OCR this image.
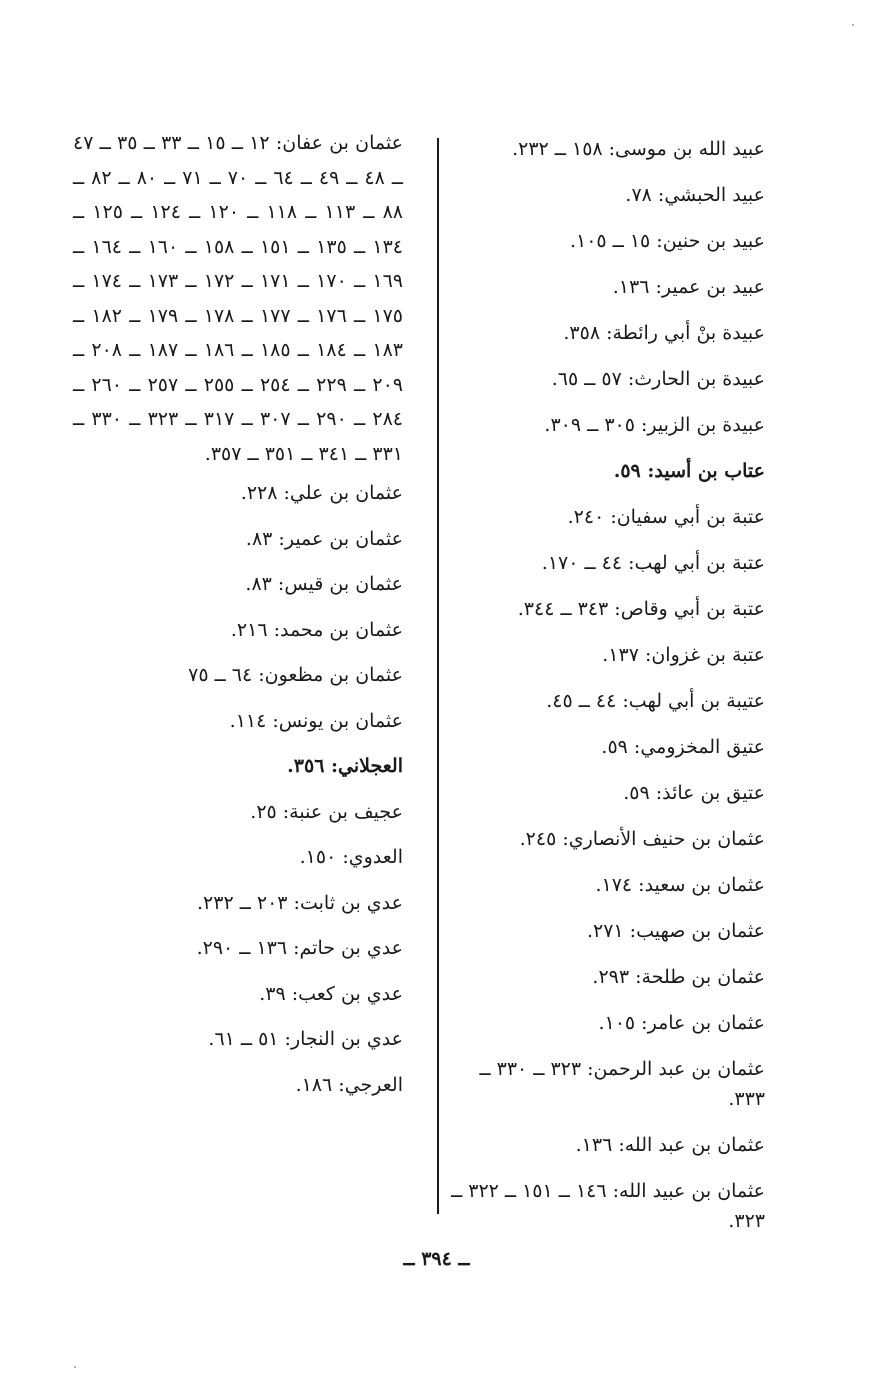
عبيد الله بن موسى: ١٥٨ ــ ٢٣٢.
عبيد الحبشي: ٧٨.
عبيد بن حنين: ١٥ ــ ١٠٥.
عبيد بن عمير: ١٣٦.
عبيدة بنْ أبي رائطة: ٣٥٨.
عبيدة بن الحارث: ٥٧ ــ ٦٥.
عبيدة بن الزبير: ٣٠٥ ــ ٣٠٩.
عتاب بن أسيد: ٥٩.
عتبة بن أبي سفيان: ٢٤٠.
عتبة بن أبي لهب: ٤٤ ــ ١٧٠.
عتبة بن أبي وقاص: ٣٤٣ ــ ٣٤٤.
عتبة بن غزوان: ١٣٧.
عتيبة بن أبي لهب: ٤٤ ــ ٤٥.
عتيق المخزومي: ٥٩.
عتيق بن عائذ: ٥٩.
عثمان بن حنيف الأنصاري: ٢٤٥.
عثمان بن سعيد: ١٧٤.
عثمان بن صهيب: ٢٧١.
عثمان بن طلحة: ٢٩٣.
عثمان بن عامر: ١٠٥.
عثمان بن عبد الرحمن: ٣٢٣ ــ ٣٣٠ ــ ٣٣٣.
عثمان بن عبد الله: ١٣٦.
عثمان بن عبيد الله: ١٤٦ ــ ١٥١ ــ ٣٢٢ ــ ٣٢٣.
عثمان بن عفان: ١٢ ــ ١٥ ــ ٣٣ ــ ٣٥ ــ ٤٧ ــ ٤٨ ــ ٤٩ ــ ٦٤ ــ ٧٠ ــ ٧١ ــ ٨٠ ــ ٨٢ ــ ٨٨ ــ ١١٣ ــ ١١٨ ــ ١٢٠ ــ ١٢٤ ــ ١٢٥ ــ ١٣٤ ــ ١٣٥ ــ ١٥١ ــ ١٥٨ ــ ١٦٠ ــ ١٦٤ ــ ١٦٩ ــ ١٧٠ ــ ١٧١ ــ ١٧٢ ــ ١٧٣ ــ ١٧٤ ــ ١٧٥ ــ ١٧٦ ــ ١٧٧ ــ ١٧٨ ــ ١٧٩ ــ ١٨٢ ــ ١٨٣ ــ ١٨٤ ــ ١٨٥ ــ ١٨٦ ــ ١٨٧ ــ ٢٠٨ ــ ٢٠٩ ــ ٢٢٩ ــ ٢٥٤ ــ ٢٥٥ ــ ٢٥٧ ــ ٢٦٠ ــ ٢٨٤ ــ ٢٩٠ ــ ٣٠٧ ــ ٣١٧ ــ ٣٢٣ ــ ٣٣٠ ــ ٣٣١ ــ ٣٤١ ــ ٣٥١ ــ ٣٥٧.
عثمان بن علي: ٢٢٨.
عثمان بن عمير: ٨٣.
عثمان بن قيس: ٨٣.
عثمان بن محمد: ٢١٦.
عثمان بن مظعون: ٦٤ ــ ٧٥
عثمان بن يونس: ١١٤.
العجلاني: ٣٥٦.
عجيف بن عنبة: ٢٥.
العدوي: ١٥٠.
عدي بن ثابت: ٢٠٣ ــ ٢٣٢.
عدي بن حاتم: ١٣٦ ــ ٢٩٠.
عدي بن كعب: ٣٩.
عدي بن النجار: ٥١ ــ ٦١.
العرجي: ١٨٦.
ــ ٣٩٤ ــ
